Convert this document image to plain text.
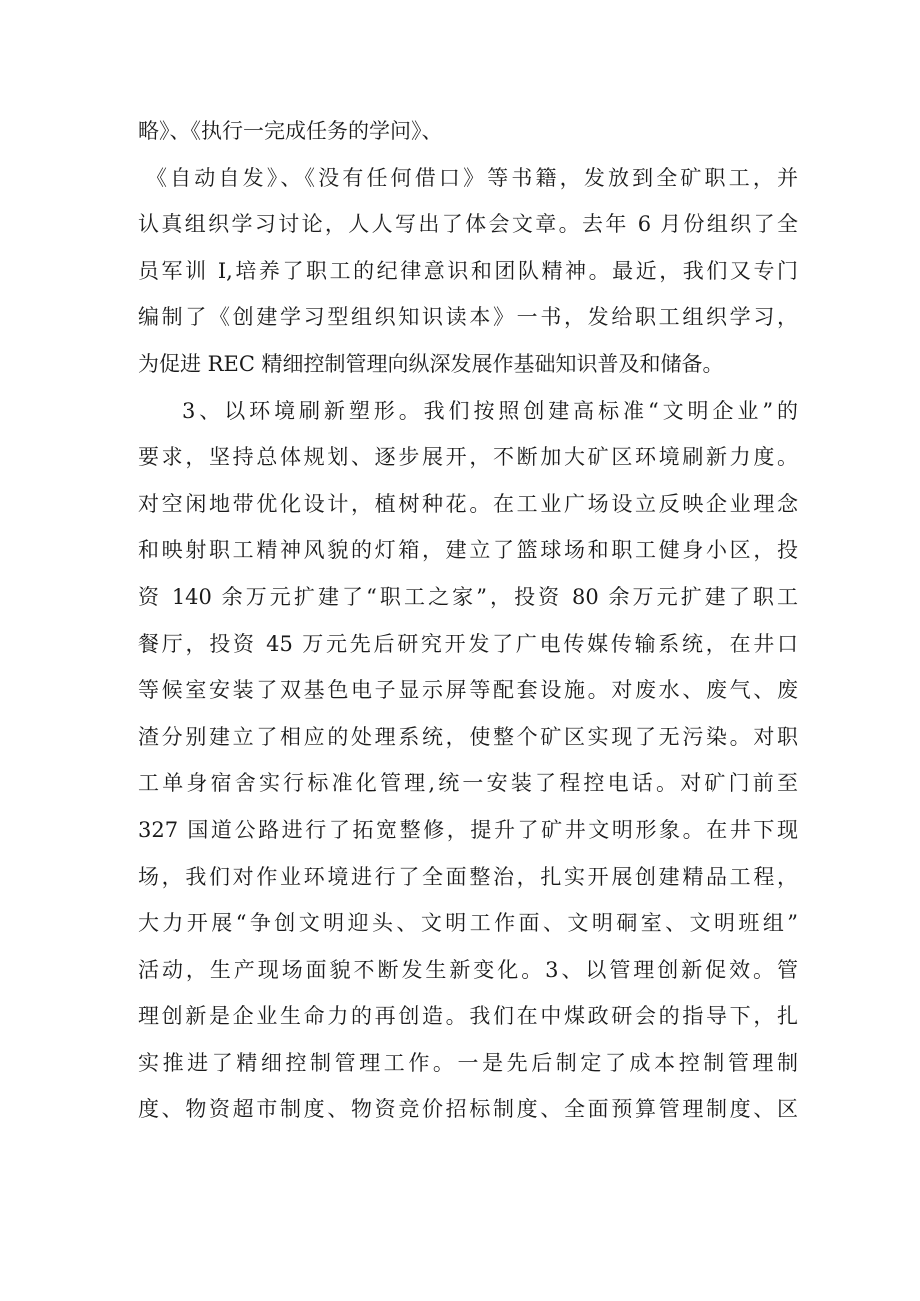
略》、《执行一完成任务的学问》、
《自动自发》、《没有任何借口》等书籍，发放到全矿职工，并
认真组织学习讨论，人人写出了体会文章。去年 6 月份组织了全
员军训 I,培养了职工的纪律意识和团队精神。最近，我们又专门
编制了《创建学习型组织知识读本》一书，发给职工组织学习，
为促进 REC 精细控制管理向纵深发展作基础知识普及和储备。
3、以环境刷新塑形。我们按照创建高标准“文明企业”的
要求，坚持总体规划、逐步展开，不断加大矿区环境刷新力度。
对空闲地带优化设计，植树种花。在工业广场设立反映企业理念
和映射职工精神风貌的灯箱，建立了篮球场和职工健身小区，投
资 140 余万元扩建了“职工之家”，投资 80 余万元扩建了职工
餐厅，投资 45 万元先后研究开发了广电传媒传输系统，在井口
等候室安装了双基色电子显示屏等配套设施。对废水、废气、废
渣分别建立了相应的处理系统，使整个矿区实现了无污染。对职
工单身宿舍实行标准化管理,统一安装了程控电话。对矿门前至
327 国道公路进行了拓宽整修，提升了矿井文明形象。在井下现
场，我们对作业环境进行了全面整治，扎实开展创建精品工程，
大力开展“争创文明迎头、文明工作面、文明硐室、文明班组”
活动，生产现场面貌不断发生新变化。3、以管理创新促效。管
理创新是企业生命力的再创造。我们在中煤政研会的指导下，扎
实推进了精细控制管理工作。一是先后制定了成本控制管理制
度、物资超市制度、物资竞价招标制度、全面预算管理制度、区
